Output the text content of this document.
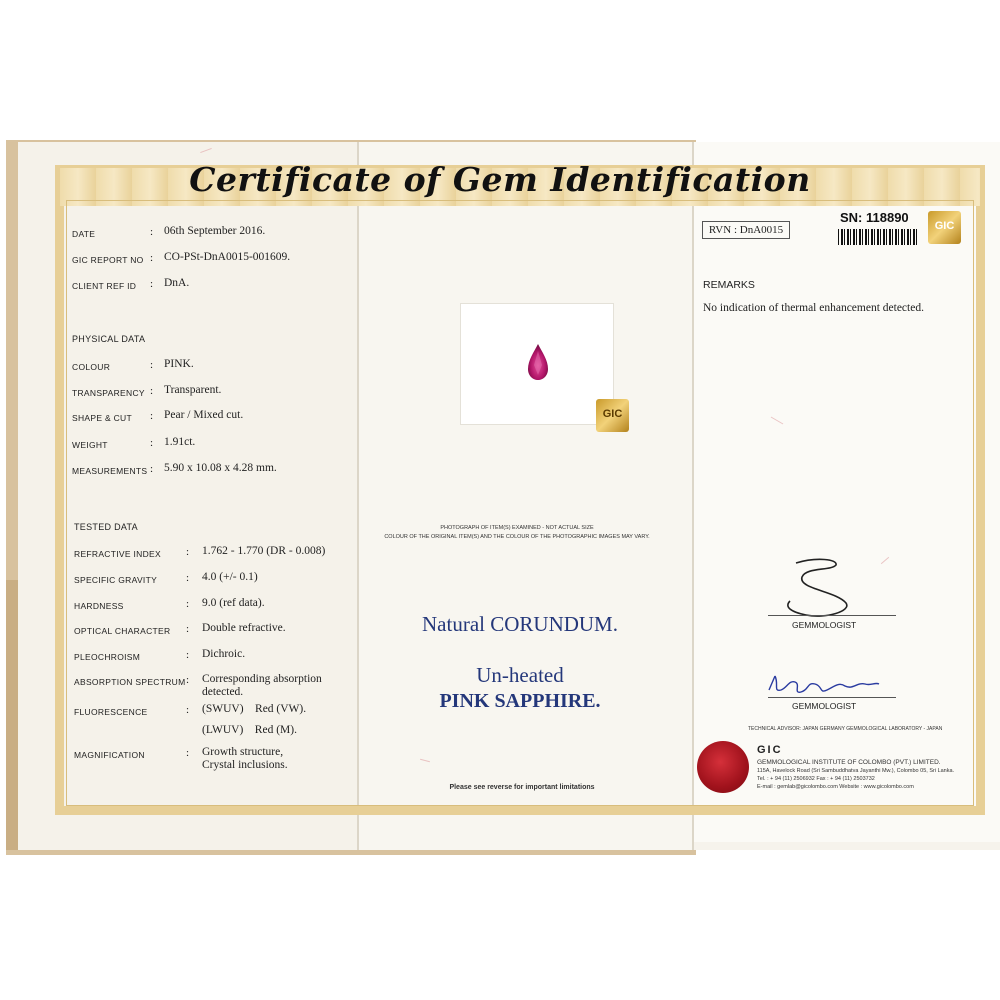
Certificate of Gem Identification
DATE	: 06th September 2016.
GIC REPORT NO : CO-PSt-DnA0015-001609.
CLIENT REF ID : DnA.
PHYSICAL DATA
COLOUR	: PINK.
TRANSPARENCY : Transparent.
SHAPE & CUT : Pear / Mixed cut.
WEIGHT	: 1.91ct.
MEASUREMENTS : 5.90 x 10.08 x 4.28 mm.
TESTED DATA
REFRACTIVE INDEX : 1.762 - 1.770 (DR - 0.008)
SPECIFIC GRAVITY	: 4.0 (+/- 0.1)
HARDNESS	: 9.0 (ref data).
OPTICAL CHARACTER : Double refractive.
PLEOCHROISM	: Dichroic.
ABSORPTION SPECTRUM : Corresponding absorption
detected.
FLUORESCENCE	: (SWUV)    Red (VW).
(LWUV)    Red (M).
MAGNIFICATION	: Growth structure,
Crystal inclusions.
GIC
PHOTOGRAPH OF ITEM(S) EXAMINED - NOT ACTUAL SIZE
COLOUR OF THE ORIGINAL ITEM(S) AND THE COLOUR OF THE PHOTOGRAPHIC IMAGES MAY VARY.
Natural CORUNDUM.
Un-heated
PINK SAPPHIRE.
Please see reverse for important limitations
RVN : DnA0015
SN: 118890
GIC
REMARKS
No indication of thermal enhancement detected.
GEMMOLOGIST
GEMMOLOGIST
TECHNICAL ADVISOR: JAPAN GERMANY GEMMOLOGICAL LABORATORY - JAPAN
GIC
GEMMOLOGICAL INSTITUTE OF COLOMBO (PVT.) LIMITED.
115A, Havelock Road (Sri Sambuddhatva Jayanthi Mw.), Colombo 05, Sri Lanka.
Tel. : + 94 (11) 2506932 Fax : + 94 (11) 2503732
E-mail : gemlab@gicolombo.com Website : www.gicolombo.com
